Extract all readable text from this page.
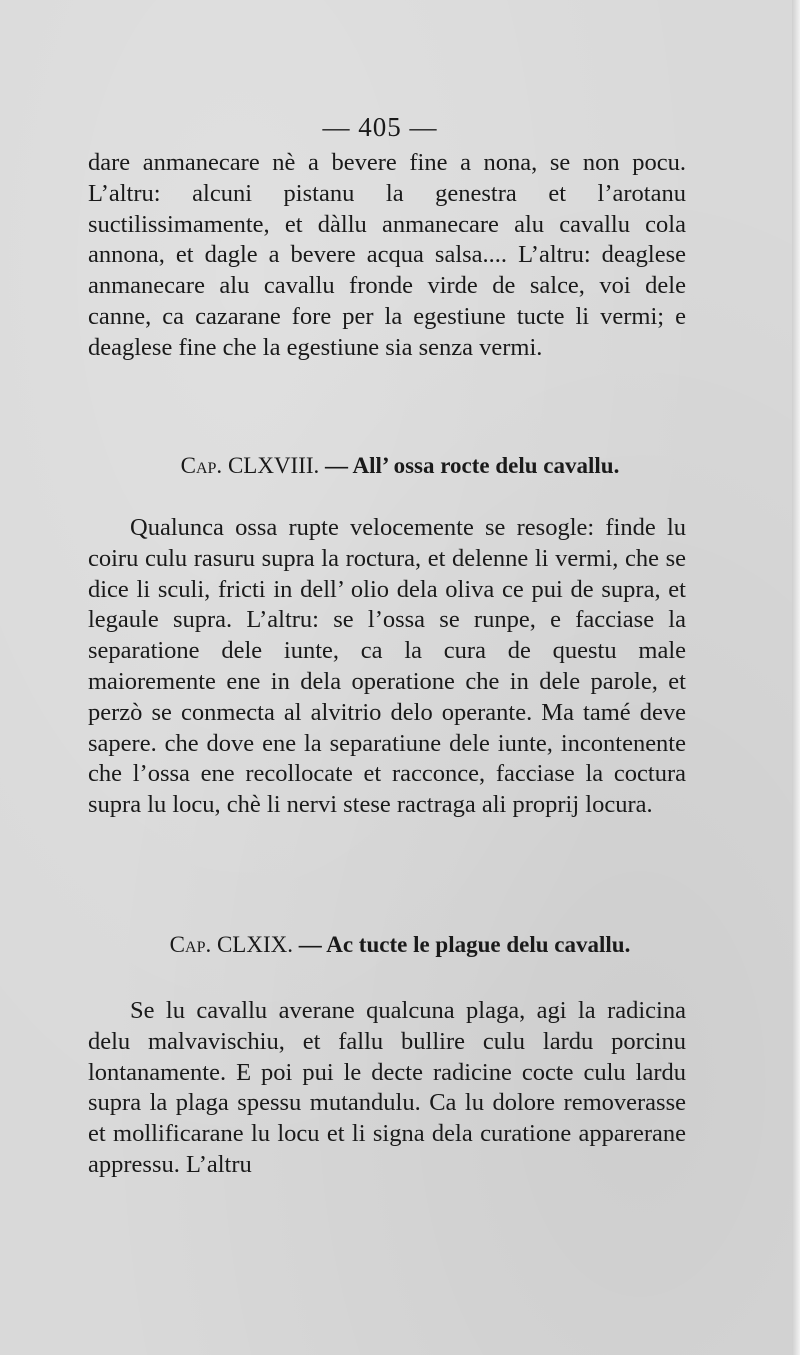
— 405 —

dare anmanecare nè a bevere fine a nona, se non pocu. L’altru: alcuni pistanu la genestra et l’arotanu suctilissimamente, et dàllu anmanecare alu cavallu cola annona, et dagle a bevere acqua salsa.... L’altru: deaglese anmanecare alu cavallu fronde virde de salce, voi dele canne, ca cazarane fore per la egestiune tucte li vermi; e deaglese fine che la egestiune sia senza vermi.

Cap. CLXVIII. — All’ ossa rocte delu cavallu.

Qualunca ossa rupte velocemente se resogle: finde lu coiru culu rasuru supra la roctura, et delenne li vermi, che se dice li sculi, fricti in dell’ olio dela oliva ce pui de supra, et legaule supra. L’altru: se l’ossa se runpe, e facciase la separatione dele iunte, ca la cura de questu male maioremente ene in dela operatione che in dele parole, et perzò se conmecta al alvitrio delo operante. Ma tamé deve sapere. che dove ene la separatiune dele iunte, incontenente che l’ossa ene recollocate et racconce, facciase la coctura supra lu locu, chè li nervi stese ractraga ali proprij locura.

Cap. CLXIX. — Ac tucte le plague delu cavallu.

Se lu cavallu averane qualcuna plaga, agi la radicina delu malvavischiu, et fallu bullire culu lardu porcinu lontanamente. E poi pui le decte radicine cocte culu lardu supra la plaga spessu mutandulu. Ca lu dolore removerasse et mollificarane lu locu et li signa dela curatione apparerane appressu. L’altru
